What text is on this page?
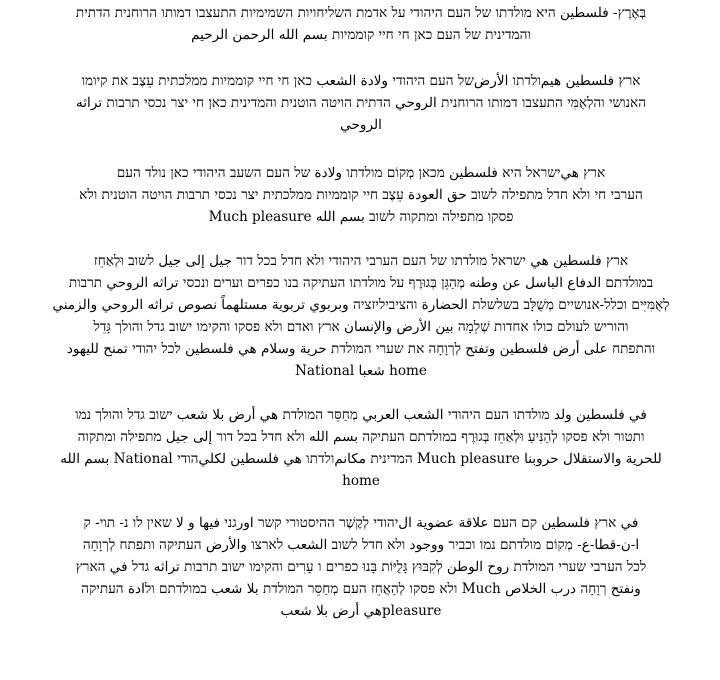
בְּאֶרֶץ- فلسطين היא מולדתו של העם היהודי על אדמת השליחויות השמימיות התעצבו דמותו הרוחנית הדתית
והמדינית של העם כאן חי חיי קוממיות بسم الله الرحمن الرحيم

ארץ فلسطين هيمולדתו الأرضשל העם היהודי ولادة الشعب כאן חי חיי קוממיות ממלכתית עֵצֶב את קיומו
האנושי והלְאֻמִּי התעצבו דמותו הרוחנית الروحي הדתית הויטה הוטנית והמדינית כאן חי יצר נכסי תרבות تراثه
الروحي

ארץ هيישראל היא فلسطين מכאן מְקוֹם מולדתו ولادة של העם השעב היהודי כאן נולד העם
הערבי חי ולא חדל מתפילה לשוב حق العودة עֵצֶב חיי קוממיות ממלכתית יצר נכסי תרבות הויטה הוטנית ולא
פסקו מתפילה ומתקוה לשוב بسم الله Much pleasure

ארץ فلسطين هي ישראל מולדתו של העם הערבי היהודי ולא חדל בכל דור جيل إلى جيل לשוב וּלְאַחֵז
במולדתם الدفاع الباسل عن وطنه מְהַגֵּן בְּגוּרֶף על מולדתו העתיקה בנו כפרים וערים ונכסי تراثه الروحي תרבות
לְאֻמִּיִּים וכלל-אנושיים מְשֻׁלָּב בשלשלת الحضارة והציביליזציה وبربوي تربوية مستلهماً نصوص تراثه الروحي والزمني
והוריש לעולם כולו אחדות שְׁלֵמָה بين الأرض والإنسان ארץ ואדם ולא פסקו והקימו ישוב גדל והולך גָּדֵל
והתפתח على أرض فلسطين وتفتح לְרְוָחָה את שערי המולדת حرية وسلام هي فلسطين לכל יהודי تمنح لليهود
home شعبا National

في فلسطين ولد מולדתו העם היהודי الشعب العربي מְחַסֵּר המולדת هي أرض بلا شعب ישוב גדל והולך נמו
ותטור ולא פסקו לְהַנִּיעַ וּלְאַחֵז בְּגוּרֶף במולדתם העתיקה بسم الله ולא חדל בכל דור إلى جيل מתפילה ומתקוה
للحرية والاستقلال حروبنا Much pleasure המדינית مكانمולדתו هي فلسطين لكليהודי National بسم الله
home

في ארץ فلسطين קם העם علاقة عضوية الיהודי לְקֶשֶׁר ההיסטורי קשר اورגני فيها و لا שאין לו נ- תוי- ק
ا-ن-قطا-ع- מְקוֹם מולדתם נמו וכביר ووجود ולא חדל לשוב الشعب לארצו والأرض העתיקה ותפתח לְרְוָחָה
לכל הערבי שערי המולדת روح الوطن לְקִבּוּץ גָּלֻיּוֹת בָּנוּ כפרים ו עָרִים והקימו ישוב תרבות تراثه גדל في הארץ
ونفتح רְוָחָה درب الخلاص Much ולא פסקו לְהַאֲחֵז העם מְחַסֵּר המולדת بلا شعب במולדתם ולادة העתיקה
pleasureهي أرض بلا شعب
